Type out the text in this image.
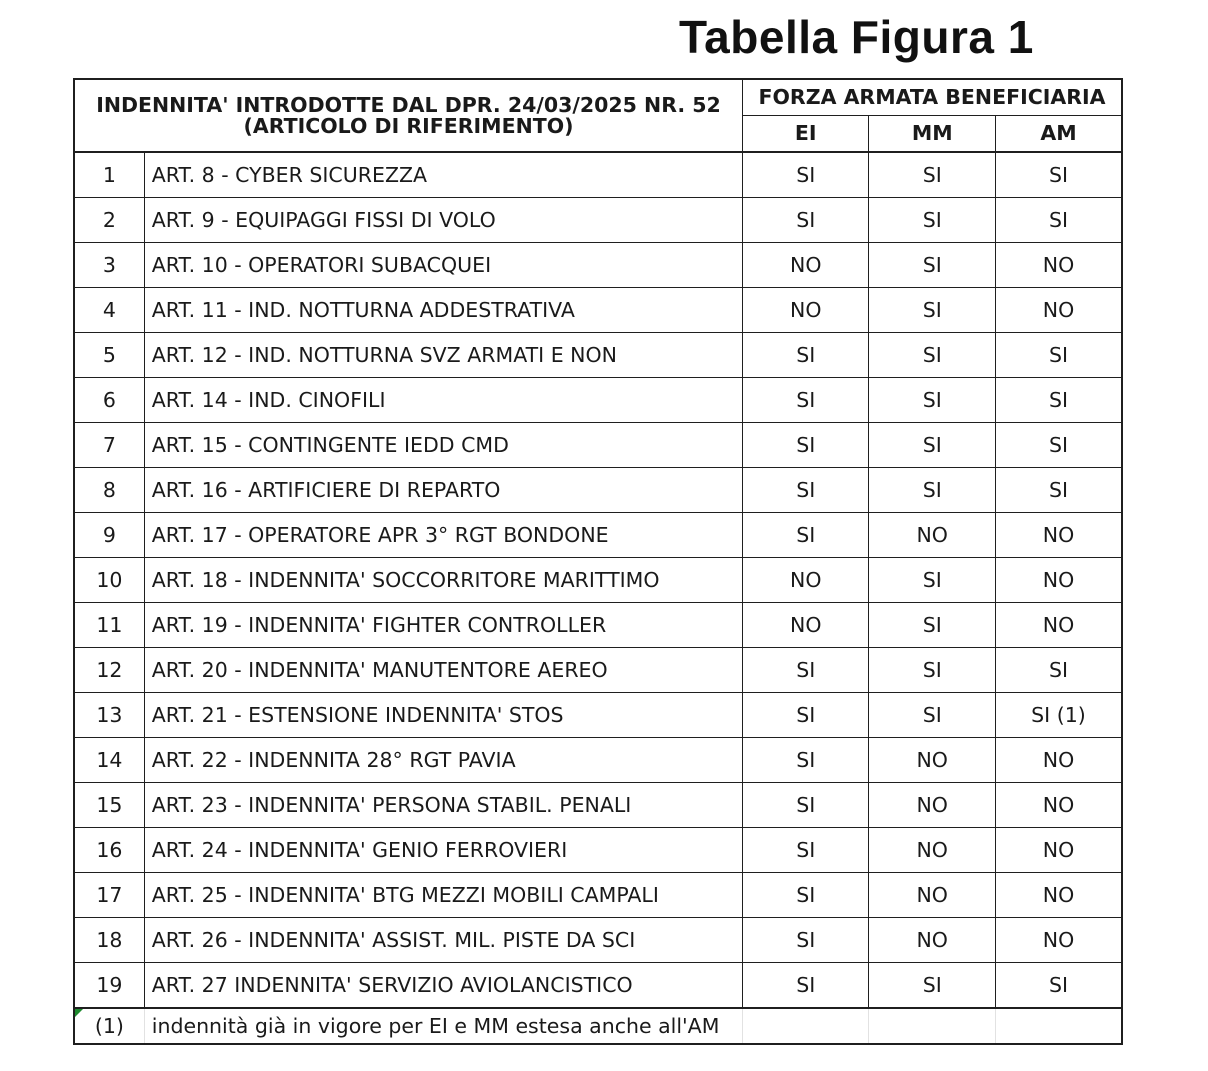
Tabella Figura 1
INDENNITA' INTRODOTTE DAL DPR. 24/03/2025 NR. 52
(ARTICOLO DI RIFERIMENTO)		FORZA ARMATA BENEFICIARIA		
		EI	MM	AM
1	ART. 8 - CYBER SICUREZZA	SI	SI	SI
2	ART. 9 - EQUIPAGGI FISSI DI VOLO	SI	SI	SI
3	ART. 10 - OPERATORI SUBACQUEI	NO	SI	NO
4	ART. 11 - IND. NOTTURNA ADDESTRATIVA	NO	SI	NO
5	ART. 12 - IND. NOTTURNA SVZ ARMATI E NON	SI	SI	SI
6	ART. 14 - IND. CINOFILI	SI	SI	SI
7	ART. 15 - CONTINGENTE IEDD CMD	SI	SI	SI
8	ART. 16 - ARTIFICIERE DI REPARTO	SI	SI	SI
9	ART. 17 - OPERATORE APR 3° RGT BONDONE	SI	NO	NO
10	ART. 18 - INDENNITA' SOCCORRITORE MARITTIMO	NO	SI	NO
11	ART. 19 - INDENNITA' FIGHTER CONTROLLER	NO	SI	NO
12	ART. 20 - INDENNITA' MANUTENTORE AEREO	SI	SI	SI
13	ART. 21 - ESTENSIONE INDENNITA' STOS	SI	SI	SI (1)
14	ART. 22 - INDENNITA 28° RGT PAVIA	SI	NO	NO
15	ART. 23 - INDENNITA' PERSONA STABIL. PENALI	SI	NO	NO
16	ART. 24 - INDENNITA' GENIO FERROVIERI	SI	NO	NO
17	ART. 25 - INDENNITA' BTG MEZZI MOBILI CAMPALI	SI	NO	NO
18	ART. 26 - INDENNITA' ASSIST. MIL. PISTE DA SCI	SI	NO	NO
19	ART. 27 INDENNITA' SERVIZIO AVIOLANCISTICO	SI	SI	SI

(1)	indennità già in vigore per EI e MM estesa anche all'AM			
